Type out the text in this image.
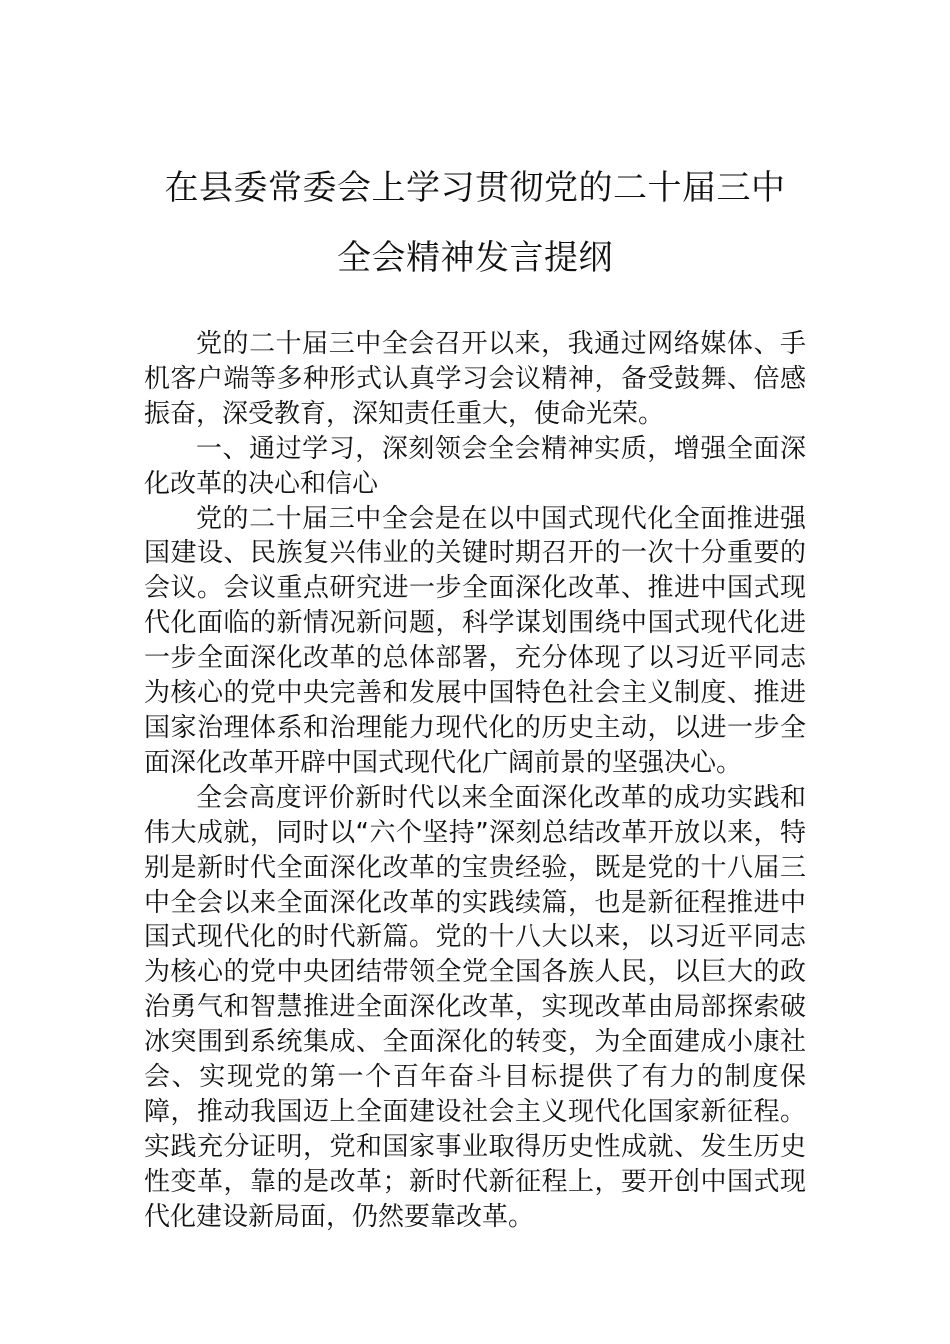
在县委常委会上学习贯彻党的二十届三中
全会精神发言提纲

党的二十届三中全会召开以来，我通过网络媒体、手机客户端等多种形式认真学习会议精神，备受鼓舞、倍感振奋，深受教育，深知责任重大，使命光荣。

一、通过学习，深刻领会全会精神实质，增强全面深化改革的决心和信心

党的二十届三中全会是在以中国式现代化全面推进强国建设、民族复兴伟业的关键时期召开的一次十分重要的会议。会议重点研究进一步全面深化改革、推进中国式现代化面临的新情况新问题，科学谋划围绕中国式现代化进一步全面深化改革的总体部署，充分体现了以习近平同志为核心的党中央完善和发展中国特色社会主义制度、推进国家治理体系和治理能力现代化的历史主动，以进一步全面深化改革开辟中国式现代化广阔前景的坚强决心。

全会高度评价新时代以来全面深化改革的成功实践和伟大成就，同时以“六个坚持”深刻总结改革开放以来，特别是新时代全面深化改革的宝贵经验，既是党的十八届三中全会以来全面深化改革的实践续篇，也是新征程推进中国式现代化的时代新篇。党的十八大以来，以习近平同志为核心的党中央团结带领全党全国各族人民，以巨大的政治勇气和智慧推进全面深化改革，实现改革由局部探索破冰突围到系统集成、全面深化的转变，为全面建成小康社会、实现党的第一个百年奋斗目标提供了有力的制度保障，推动我国迈上全面建设社会主义现代化国家新征程。实践充分证明，党和国家事业取得历史性成就、发生历史性变革，靠的是改革；新时代新征程上，要开创中国式现代化建设新局面，仍然要靠改革。
